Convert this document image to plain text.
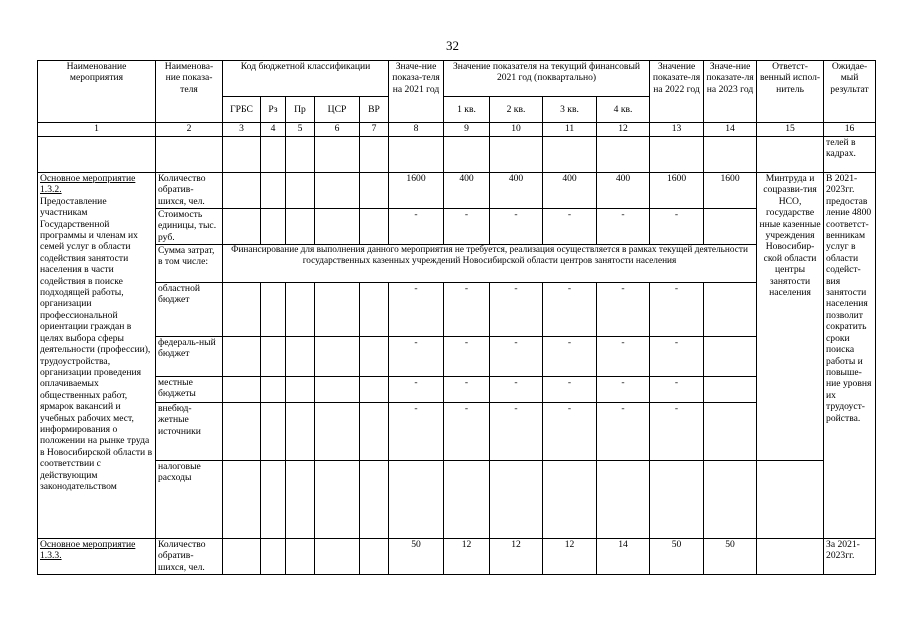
32
Наименование мероприятия	Наименова-ние показа-теля	Код бюджетной классификации					Значе-ние показа-теля на 2021 год	Значение показателя на текущий финансовый 2021 год (поквартально)				Значение показате-ля на 2022 год	Значе-ние показате-ля на 2023 год	Ответст-венный испол-нитель	Ожидае-мый результат
		ГРБС	Рз	Пр	ЦСР	ВР		1 кв.	2 кв.	3 кв.	4 кв.				
1	2	3	4	5	6	7	8	9	10	11	12	13	14	15	16
															телей в кадрах.
Основное мероприятие 1.3.2.
Предоставление участникам Государственной программы и членам их семей услуг в области содействия занятости населения в части содействия в поиске подходящей работы, организации профессиональной ориентации граждан в целях выбора сферы деятельности (профессии), трудоустройства, организации проведения оплачиваемых общественных работ, ярмарок вакансий и учебных рабочих мест, информирования о положении на рынке труда в Новосибирской области в соответствии с действующим законодательством	Количество обратив-шихся, чел.						1600	400	400	400	400	1600	1600	Минтруда и соцразви-тия НСО, государстве нные казенные учреждения Новосибир-ской области центры занятости населения	В 2021-2023гг. предостав ление 4800 соответст-венникам услуг в области содейст-вия занятости населения позволит сократить сроки поиска работы и повыше-ние уровня их трудоуст-ройства.
	Стоимость единицы, тыс. руб.						-	-	-	-	-	-			
	Сумма затрат, в том числе:	Финансирование для выполнения данного мероприятия не требуется, реализация осуществляется в рамках текущей деятельности государственных казенных учреждений Новосибирской области центров занятости населения													
	областной бюджет						-	-	-	-	-	-			
	федераль-ный бюджет						-	-	-	-	-	-			
	местные бюджеты						-	-	-	-	-	-			
	внебюд-жетные источники						-	-	-	-	-	-			
	налоговые расходы														
Основное мероприятие 1.3.3.	Количество обратив-шихся, чел.						50	12	12	12	14	50	50		За 2021-2023гг.
